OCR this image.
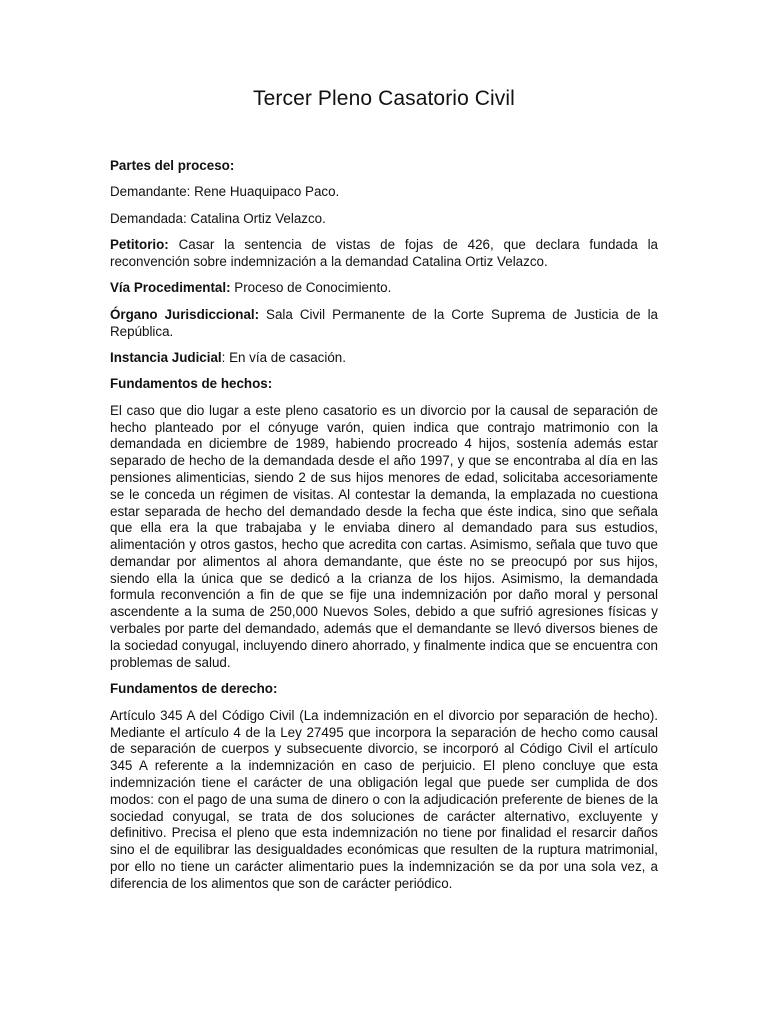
Tercer Pleno Casatorio Civil

Partes del proceso:

Demandante: Rene Huaquipaco Paco.

Demandada: Catalina Ortiz Velazco.

Petitorio: Casar la sentencia de vistas de fojas de 426, que declara fundada la reconvención sobre indemnización a la demandad Catalina Ortiz Velazco.

Vía Procedimental: Proceso de Conocimiento.

Órgano Jurisdiccional: Sala Civil Permanente de la Corte Suprema de Justicia de la República.

Instancia Judicial: En vía de casación.

Fundamentos de hechos:

El caso que dio lugar a este pleno casatorio es un divorcio por la causal de separación de hecho planteado por el cónyuge varón, quien indica que contrajo matrimonio con la demandada en diciembre de 1989, habiendo procreado 4 hijos, sostenía además estar separado de hecho de la demandada desde el año 1997, y que se encontraba al día en las pensiones alimenticias, siendo 2 de sus hijos menores de edad, solicitaba accesoriamente se le conceda un régimen de visitas. Al contestar la demanda, la emplazada no cuestiona estar separada de hecho del demandado desde la fecha que éste indica, sino que señala que ella era la que trabajaba y le enviaba dinero al demandado para sus estudios, alimentación y otros gastos, hecho que acredita con cartas. Asimismo, señala que tuvo que demandar por alimentos al ahora demandante, que éste no se preocupó por sus hijos, siendo ella la única que se dedicó a la crianza de los hijos. Asimismo, la demandada formula reconvención a fin de que se fije una indemnización por daño moral y personal ascendente a la suma de 250,000 Nuevos Soles, debido a que sufrió agresiones físicas y verbales por parte del demandado, además que el demandante se llevó diversos bienes de la sociedad conyugal, incluyendo dinero ahorrado, y finalmente indica que se encuentra con problemas de salud.

Fundamentos de derecho:

Artículo 345 A del Código Civil (La indemnización en el divorcio por separación de hecho). Mediante el artículo 4 de la Ley 27495 que incorpora la separación de hecho como causal de separación de cuerpos y subsecuente divorcio, se incorporó al Código Civil el artículo 345 A referente a la indemnización en caso de perjuicio. El pleno concluye que esta indemnización tiene el carácter de una obligación legal que puede ser cumplida de dos modos: con el pago de una suma de dinero o con la adjudicación preferente de bienes de la sociedad conyugal, se trata de dos soluciones de carácter alternativo, excluyente y definitivo. Precisa el pleno que esta indemnización no tiene por finalidad el resarcir daños sino el de equilibrar las desigualdades económicas que resulten de la ruptura matrimonial, por ello no tiene un carácter alimentario pues la indemnización se da por una sola vez, a diferencia de los alimentos que son de carácter periódico.
